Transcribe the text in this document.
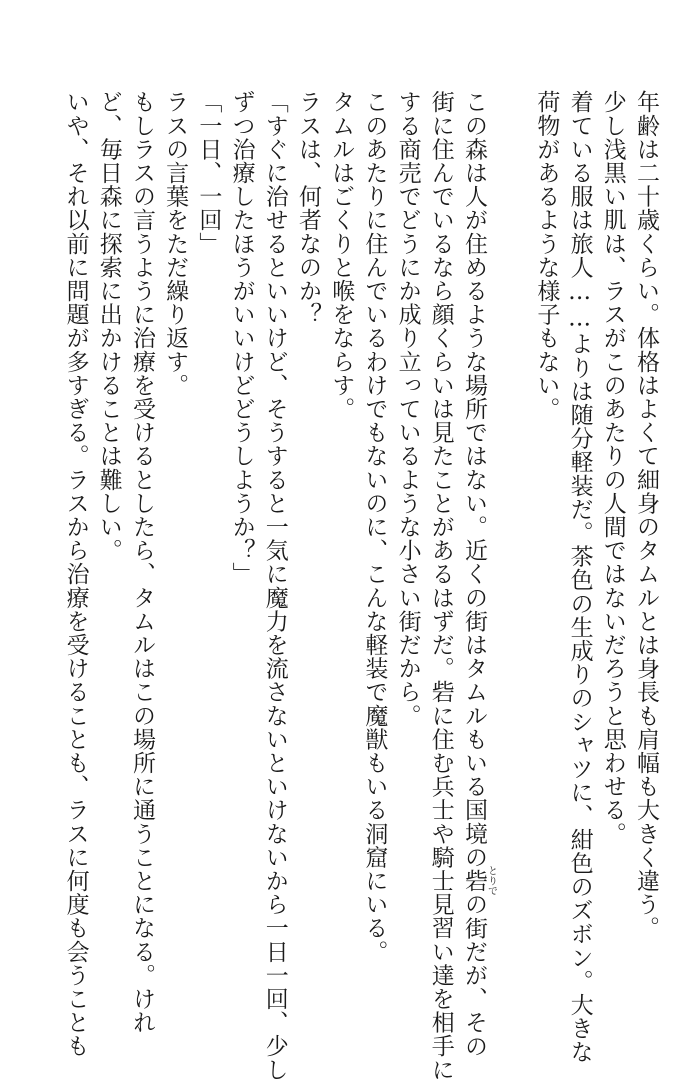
年齢は二十歳くらい。体格はよくて細身のタムルとは身長も肩幅も大きく違う。
少し浅黒い肌は、ラスがこのあたりの人間ではないだろうと思わせる。
着ている服は旅人……よりは随分軽装だ。茶色の生成りのシャツに、紺色のズボン。大きな
荷物があるような様子もない。
この森は人が住めるような場所ではない。近くの街はタムルもいる国境の砦とりでの街だが、その
街に住んでいるなら顔くらいは見たことがあるはずだ。砦に住む兵士や騎士見習い達を相手に
する商売でどうにか成り立っているような小さい街だから。
このあたりに住んでいるわけでもないのに、こんな軽装で魔獣もいる洞窟にいる。
タムルはごくりと喉をならす。
ラスは、何者なのか？
「すぐに治せるといいけど、そうすると一気に魔力を流さないといけないから一日一回、少し
ずつ治療したほうがいいけどどうしようか？」
「一日、一回」
ラスの言葉をただ繰り返す。
もしラスの言うように治療を受けるとしたら、タムルはこの場所に通うことになる。けれ
ど、毎日森に探索に出かけることは難しい。
いや、それ以前に問題が多すぎる。ラスから治療を受けることも、ラスに何度も会うことも
